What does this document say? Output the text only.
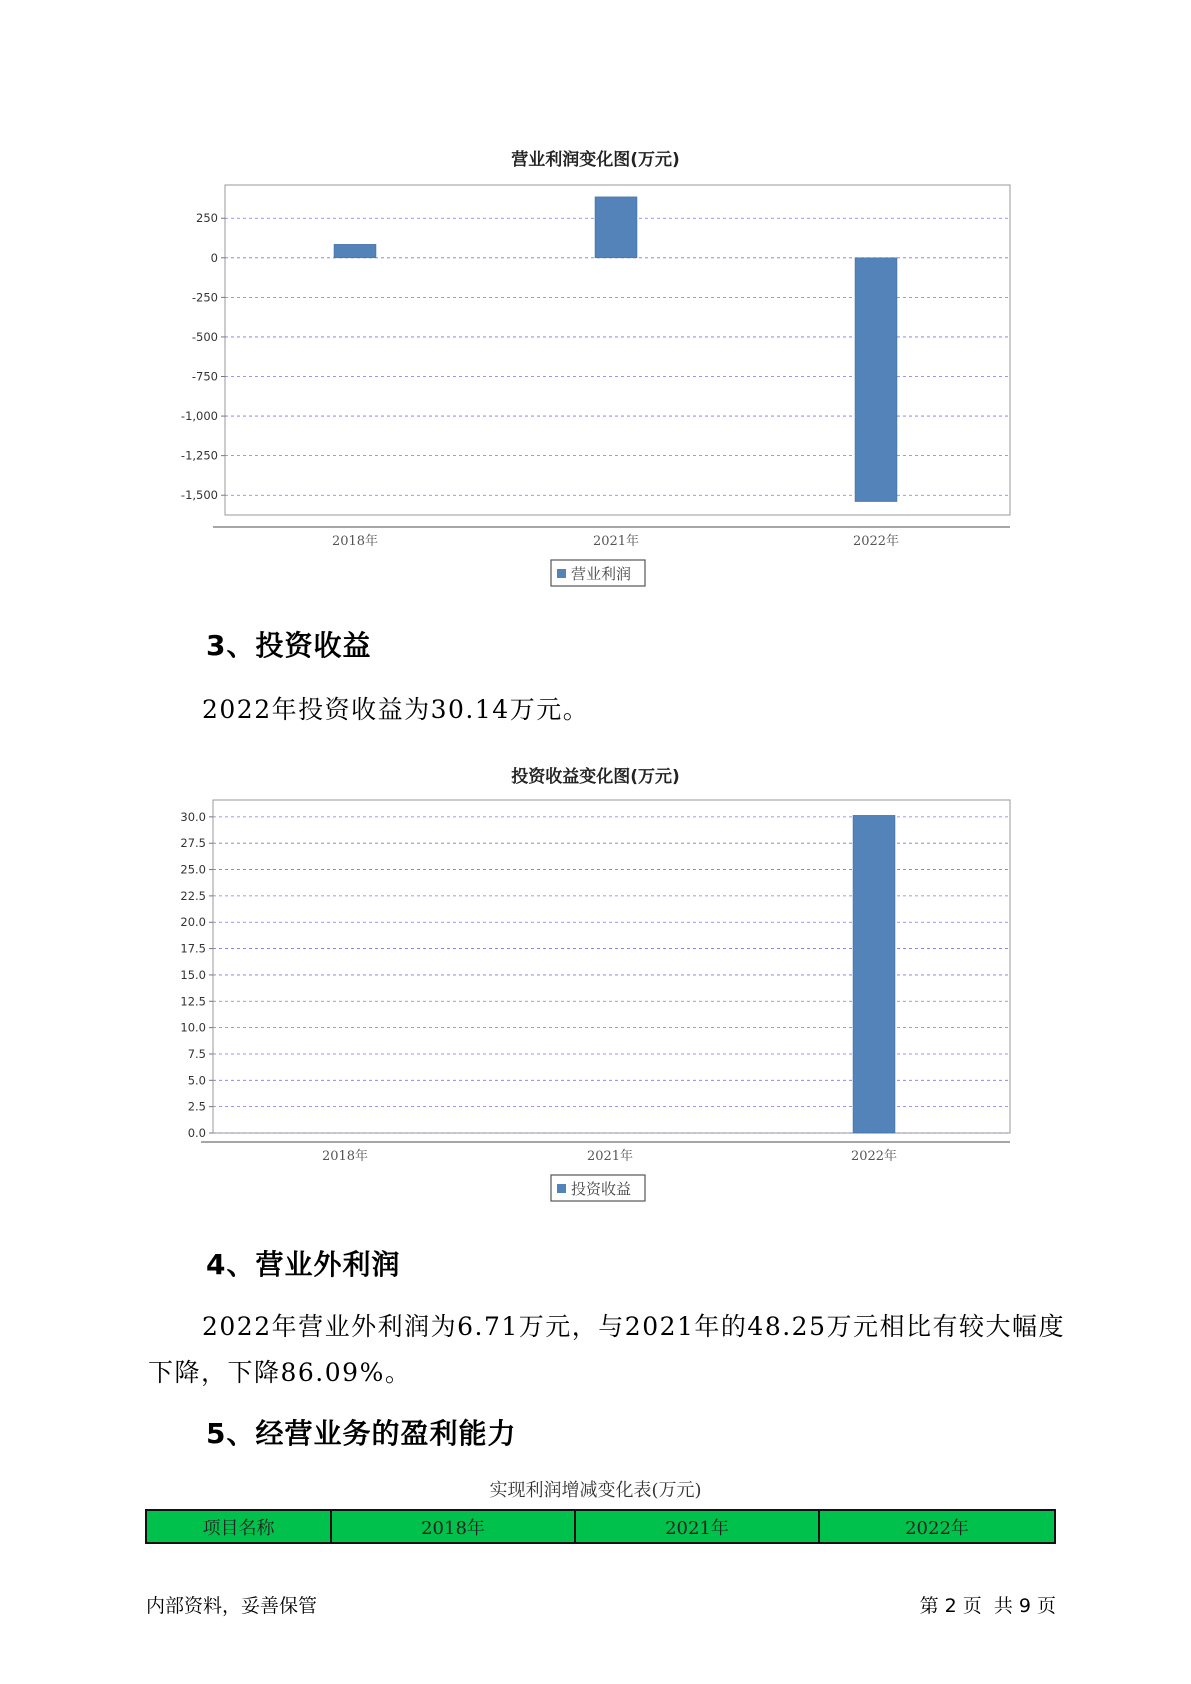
营业利润变化图(万元)
250
0
-250
-500
-750
-1,000
-1,250
-1,500
2018年	2021年	2022年
营业利润
3、投资收益
2022年投资收益为30.14万元。
投资收益变化图(万元)
0.0
2.5
5.0
7.5
10.0
12.5
15.0
17.5
20.0
22.5
25.0
27.5
30.0
2018年	2021年	2022年
投资收益
4、营业外利润
2022年营业外利润为6.71万元，与2021年的48.25万元相比有较大幅度
下降，下降86.09%。
5、经营业务的盈利能力
实现利润增减变化表(万元)
项目名称	2018年	2021年	2022年
内部资料，妥善保管	第 2 页  共 9 页
